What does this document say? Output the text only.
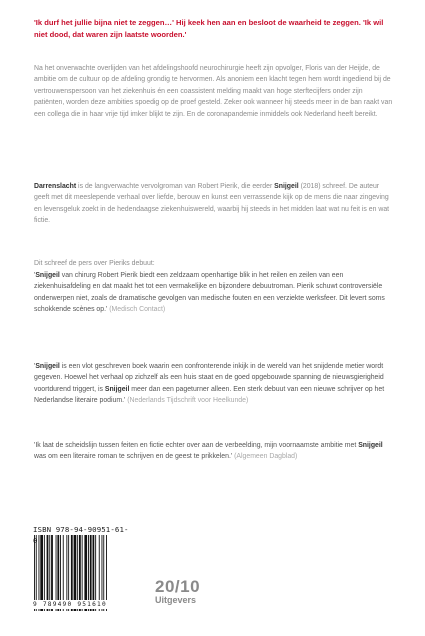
'Ik durf het jullie bijna niet te zeggen…' Hij keek hen aan en besloot de waarheid te zeggen. 'Ik wil niet dood, dat waren zijn laatste woorden.'

Na het onverwachte overlijden van het afdelingshoofd neurochirurgie heeft zijn opvolger, Floris van der Heijde, de ambitie om de cultuur op de afdeling grondig te hervormen. Als anoniem een klacht tegen hem wordt ingediend bij de vertrouwenspersoon van het ziekenhuis én een coassistent melding maakt van hoge sterftecijfers onder zijn patiënten, worden deze ambities spoedig op de proef gesteld. Zeker ook wanneer hij steeds meer in de ban raakt van een collega die in haar vrije tijd imker blijkt te zijn. En de coronapandemie inmiddels ook Nederland heeft bereikt.

Darrenslacht is de langverwachte vervolgroman van Robert Pierik, die eerder Snijgeil (2018) schreef. De auteur geeft met dit meeslepende verhaal over liefde, berouw en kunst een verrassende kijk op de mens die naar zingeving en levensgeluk zoekt in de hedendaagse ziekenhuiswereld, waarbij hij steeds in het midden laat wat nu feit is en wat fictie.

Dit schreef de pers over Pieriks debuut:

'Snijgeil van chirurg Robert Pierik biedt een zeldzaam openhartige blik in het reilen en zeilen van een ziekenhuisafdeling en dat maakt het tot een vermakelijke en bijzondere debuutroman. Pierik schuwt controversiële onderwerpen niet, zoals de dramatische gevolgen van medische fouten en een verziekte werksfeer. Dit levert soms schokkende scènes op.' (Medisch Contact)

'Snijgeil is een vlot geschreven boek waarin een confronterende inkijk in de wereld van het snijdende metier wordt gegeven. Hoewel het verhaal op zichzelf als een huis staat en de goed opgebouwde spanning de nieuwsgierigheid voortdurend triggert, is Snijgeil meer dan een pageturner alleen. Een sterk debuut van een nieuwe schrijver op het Nederlandse literaire podium.' (Nederlands Tijdschrift voor Heelkunde)

'Ik laat de scheidslijn tussen feiten en fictie echter over aan de verbeelding, mijn voornaamste ambitie met Snijgeil was om een literaire roman te schrijven en de geest te prikkelen.' (Algemeen Dagblad)

ISBN 978-94-90951-61-0
9 789490 951610
20/10
Uitgevers
